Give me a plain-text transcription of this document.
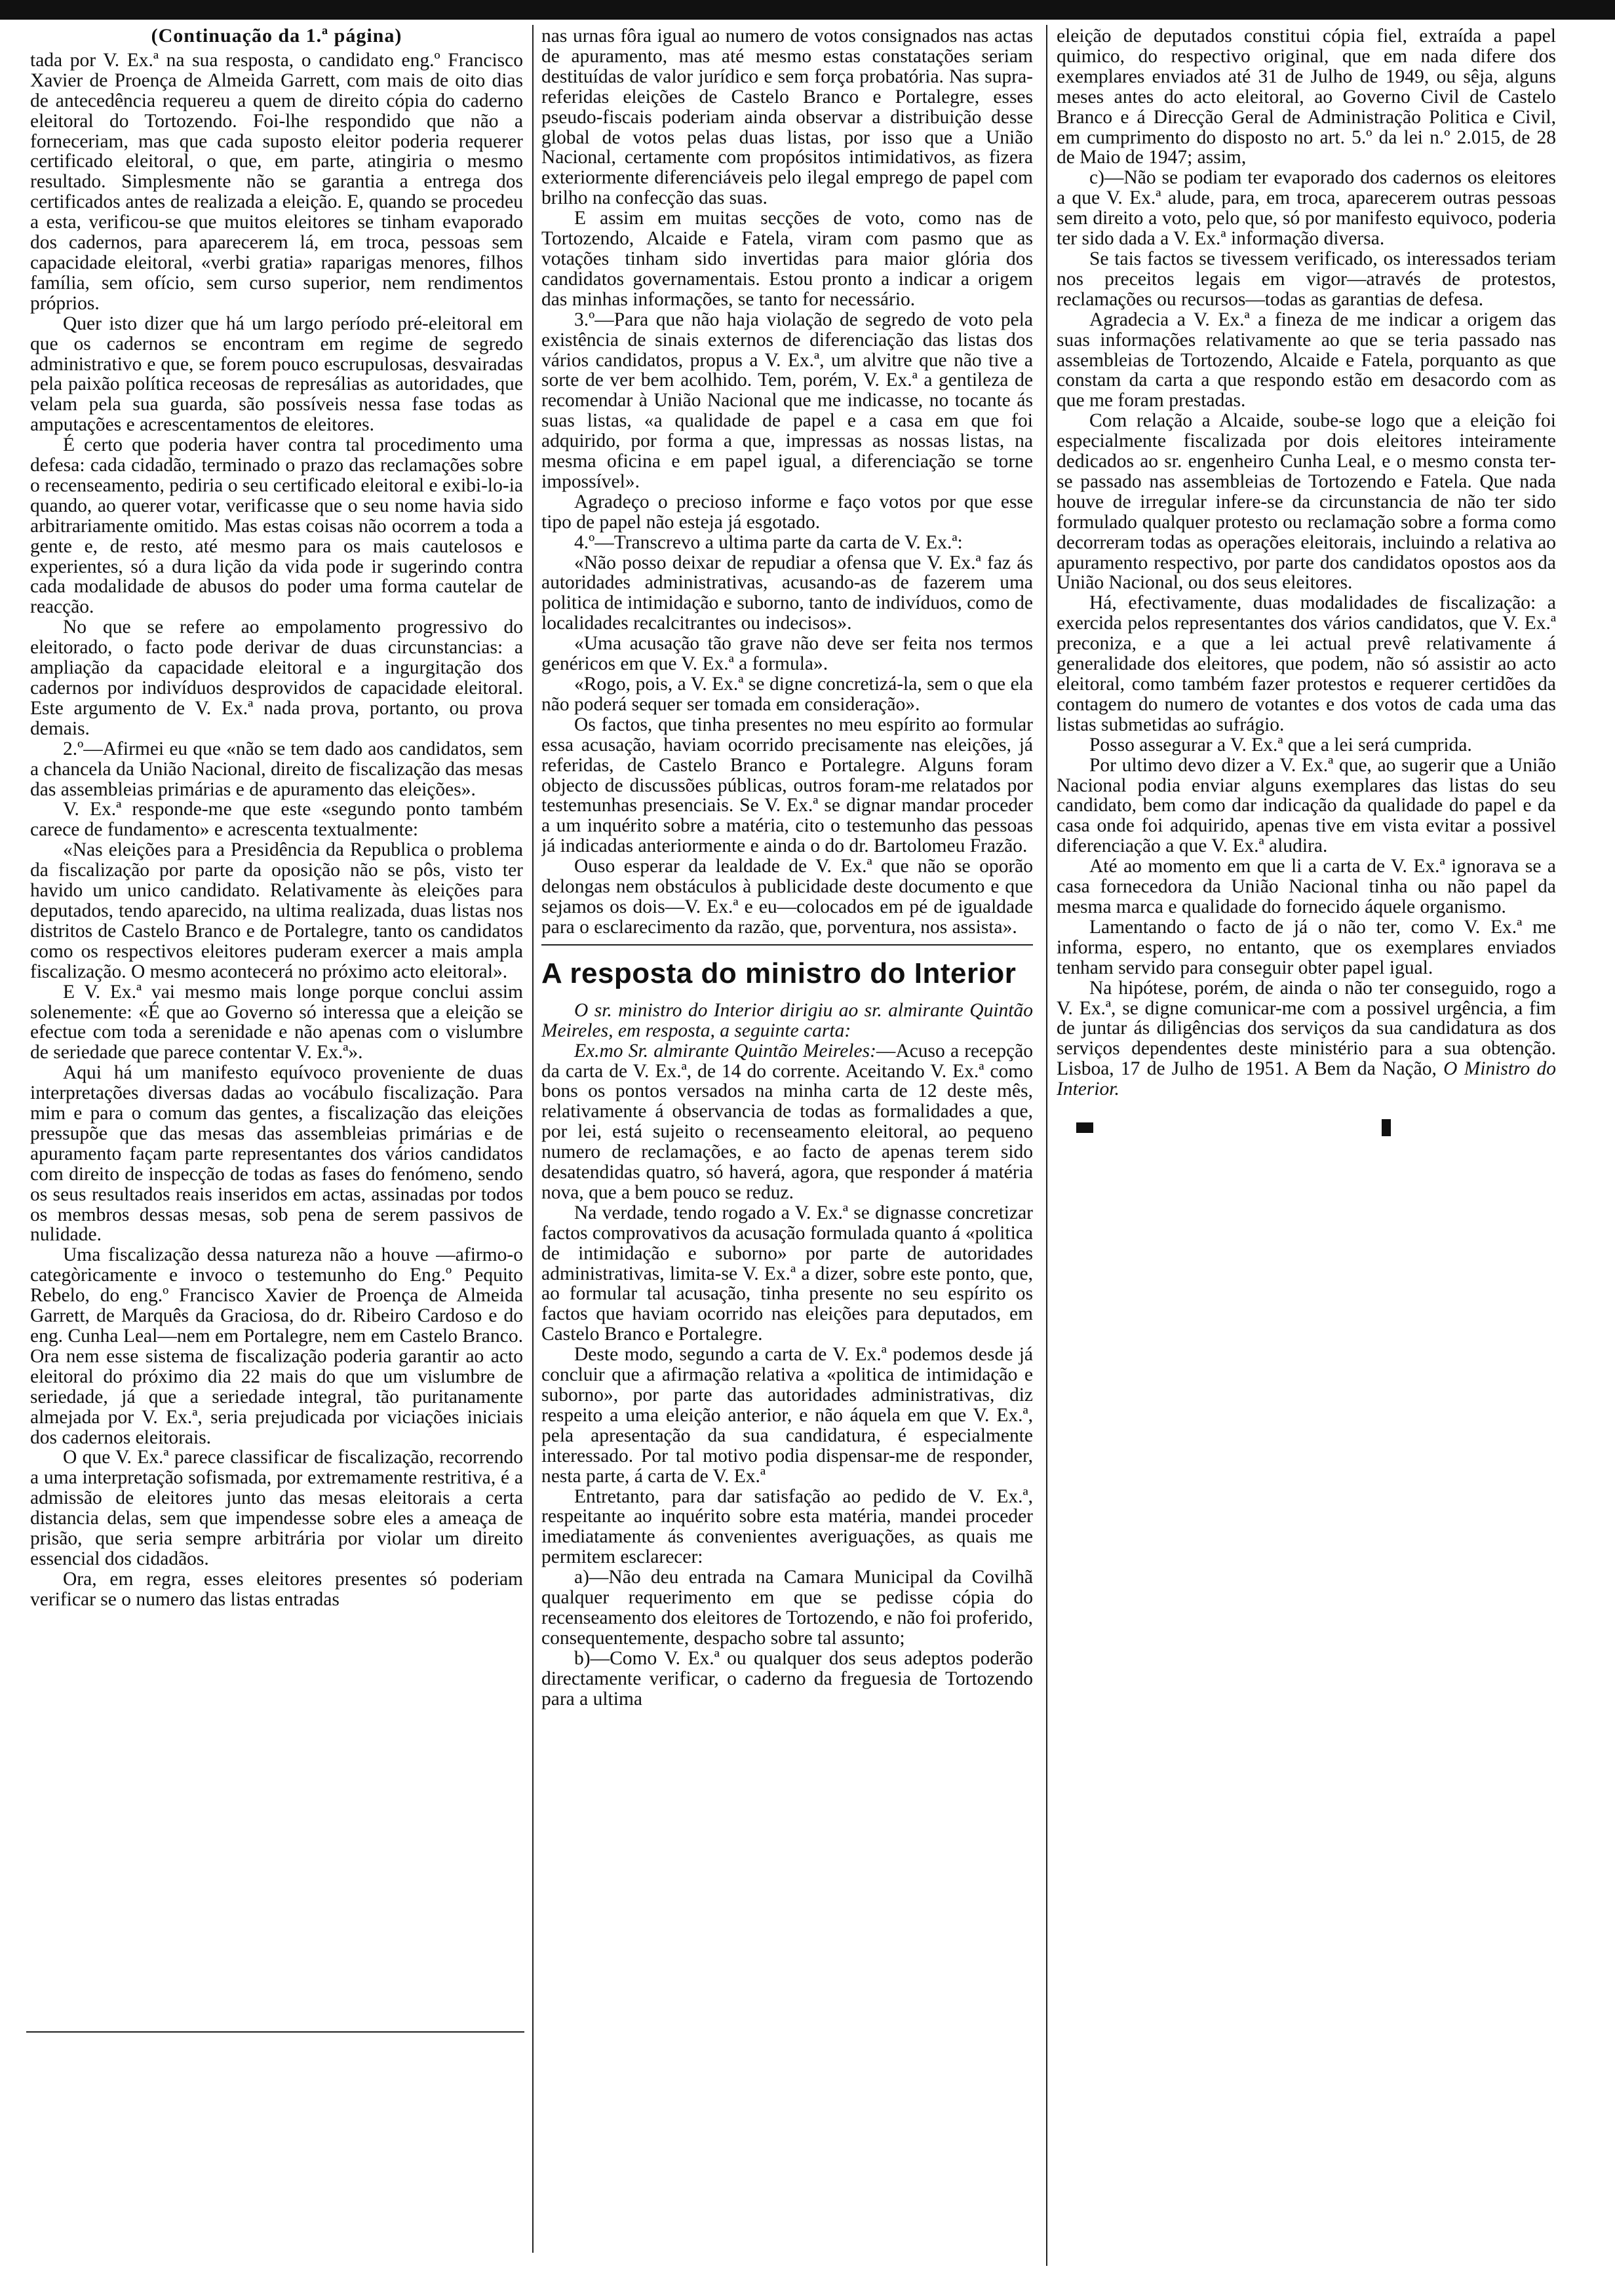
(Continuação da 1.ª página)

tada por V. Ex.ª na sua resposta, o candidato eng.º Francisco Xavier de Proença de Almeida Garrett, com mais de oito dias de antecedência requereu a quem de direito cópia do caderno eleitoral do Tortozendo. Foi-lhe respondido que não a forneceriam, mas que cada suposto eleitor poderia requerer certificado eleitoral, o que, em parte, atingiria o mesmo resultado. Simplesmente não se garantia a entrega dos certificados antes de realizada a eleição. E, quando se procedeu a esta, verificou-se que muitos eleitores se tinham evaporado dos cadernos, para aparecerem lá, em troca, pessoas sem capacidade eleitoral, «verbi gratia» raparigas menores, filhos família, sem ofício, sem curso superior, nem rendimentos próprios.

Quer isto dizer que há um largo período pré-eleitoral em que os cadernos se encontram em regime de segredo administrativo e que, se forem pouco escrupulosas, desvairadas pela paixão política receosas de represálias as autoridades, que velam pela sua guarda, são possíveis nessa fase todas as amputações e acrescentamentos de eleitores.

É certo que poderia haver contra tal procedimento uma defesa: cada cidadão, terminado o prazo das reclamações sobre o recenseamento, pediria o seu certificado eleitoral e exibi-lo-ia quando, ao querer votar, verificasse que o seu nome havia sido arbitrariamente omitido. Mas estas coisas não ocorrem a toda a gente e, de resto, até mesmo para os mais cautelosos e experientes, só a dura lição da vida pode ir sugerindo contra cada modalidade de abusos do poder uma forma cautelar de reacção.

No que se refere ao empolamento progressivo do eleitorado, o facto pode derivar de duas circunstancias: a ampliação da capacidade eleitoral e a ingurgitação dos cadernos por indivíduos desprovidos de capacidade eleitoral. Este argumento de V. Ex.ª nada prova, portanto, ou prova demais.

2.º—Afirmei eu que «não se tem dado aos candidatos, sem a chancela da União Nacional, direito de fiscalização das mesas das assembleias primárias e de apuramento das eleições».

V. Ex.ª responde-me que este «segundo ponto também carece de fundamento» e acrescenta textualmente:

«Nas eleições para a Presidência da Republica o problema da fiscalização por parte da oposição não se pôs, visto ter havido um unico candidato. Relativamente às eleições para deputados, tendo aparecido, na ultima realizada, duas listas nos distritos de Castelo Branco e de Portalegre, tanto os candidatos como os respectivos eleitores puderam exercer a mais ampla fiscalização. O mesmo acontecerá no próximo acto eleitoral».

E V. Ex.ª vai mesmo mais longe porque conclui assim solenemente: «É que ao Governo só interessa que a eleição se efectue com toda a serenidade e não apenas com o vislumbre de seriedade que parece contentar V. Ex.ª».

Aqui há um manifesto equívoco proveniente de duas interpretações diversas dadas ao vocábulo fiscalização. Para mim e para o comum das gentes, a fiscalização das eleições pressupõe que das mesas das assembleias primárias e de apuramento façam parte representantes dos vários candidatos com direito de inspecção de todas as fases do fenómeno, sendo os seus resultados reais inseridos em actas, assinadas por todos os membros dessas mesas, sob pena de serem passivos de nulidade.

Uma fiscalização dessa natureza não a houve —afirmo-o categòricamente e invoco o testemunho do Eng.º Pequito Rebelo, do eng.º Francisco Xavier de Proença de Almeida Garrett, de Marquês da Graciosa, do dr. Ribeiro Cardoso e do eng. Cunha Leal—nem em Portalegre, nem em Castelo Branco. Ora nem esse sistema de fiscalização poderia garantir ao acto eleitoral do próximo dia 22 mais do que um vislumbre de seriedade, já que a seriedade integral, tão puritanamente almejada por V. Ex.ª, seria prejudicada por viciações iniciais dos cadernos eleitorais.

O que V. Ex.ª parece classificar de fiscalização, recorrendo a uma interpretação sofismada, por extremamente restritiva, é a admissão de eleitores junto das mesas eleitorais a certa distancia delas, sem que impendesse sobre eles a ameaça de prisão, que seria sempre arbitrária por violar um direito essencial dos cidadãos.

Ora, em regra, esses eleitores presentes só poderiam verificar se o numero das listas entradas

nas urnas fôra igual ao numero de votos consignados nas actas de apuramento, mas até mesmo estas constatações seriam destituídas de valor jurídico e sem força probatória. Nas supra-referidas eleições de Castelo Branco e Portalegre, esses pseudo-fiscais poderiam ainda observar a distribuição desse global de votos pelas duas listas, por isso que a União Nacional, certamente com propósitos intimidativos, as fizera exteriormente diferenciáveis pelo ilegal emprego de papel com brilho na confecção das suas.

E assim em muitas secções de voto, como nas de Tortozendo, Alcaide e Fatela, viram com pasmo que as votações tinham sido invertidas para maior glória dos candidatos governamentais. Estou pronto a indicar a origem das minhas informações, se tanto for necessário.

3.º—Para que não haja violação de segredo de voto pela existência de sinais externos de diferenciação das listas dos vários candidatos, propus a V. Ex.ª, um alvitre que não tive a sorte de ver bem acolhido. Tem, porém, V. Ex.ª a gentileza de recomendar à União Nacional que me indicasse, no tocante ás suas listas, «a qualidade de papel e a casa em que foi adquirido, por forma a que, impressas as nossas listas, na mesma oficina e em papel igual, a diferenciação se torne impossível».

Agradeço o precioso informe e faço votos por que esse tipo de papel não esteja já esgotado.

4.º—Transcrevo a ultima parte da carta de V. Ex.ª:

«Não posso deixar de repudiar a ofensa que V. Ex.ª faz ás autoridades administrativas, acusando-as de fazerem uma politica de intimidação e suborno, tanto de indivíduos, como de localidades recalcitrantes ou indecisos».

«Uma acusação tão grave não deve ser feita nos termos genéricos em que V. Ex.ª a formula».

«Rogo, pois, a V. Ex.ª se digne concretizá-la, sem o que ela não poderá sequer ser tomada em consideração».

Os factos, que tinha presentes no meu espírito ao formular essa acusação, haviam ocorrido precisamente nas eleições, já referidas, de Castelo Branco e Portalegre. Alguns foram objecto de discussões públicas, outros foram-me relatados por testemunhas presenciais. Se V. Ex.ª se dignar mandar proceder a um inquérito sobre a matéria, cito o testemunho das pessoas já indicadas anteriormente e ainda o do dr. Bartolomeu Frazão.

Ouso esperar da lealdade de V. Ex.ª que não se oporão delongas nem obstáculos à publicidade deste documento e que sejamos os dois—V. Ex.ª e eu—colocados em pé de igualdade para o esclarecimento da razão, que, porventura, nos assista».

A resposta do ministro do Interior

O sr. ministro do Interior dirigiu ao sr. almirante Quintão Meireles, em resposta, a seguinte carta:

Ex.mo Sr. almirante Quintão Meireles:—Acuso a recepção da carta de V. Ex.ª, de 14 do corrente. Aceitando V. Ex.ª como bons os pontos versados na minha carta de 12 deste mês, relativamente á observancia de todas as formalidades a que, por lei, está sujeito o recenseamento eleitoral, ao pequeno numero de reclamações, e ao facto de apenas terem sido desatendidas quatro, só haverá, agora, que responder á matéria nova, que a bem pouco se reduz.

Na verdade, tendo rogado a V. Ex.ª se dignasse concretizar factos comprovativos da acusação formulada quanto á «politica de intimidação e suborno» por parte de autoridades administrativas, limita-se V. Ex.ª a dizer, sobre este ponto, que, ao formular tal acusação, tinha presente no seu espírito os factos que haviam ocorrido nas eleições para deputados, em Castelo Branco e Portalegre.

Deste modo, segundo a carta de V. Ex.ª podemos desde já concluir que a afirmação relativa a «politica de intimidação e suborno», por parte das autoridades administrativas, diz respeito a uma eleição anterior, e não áquela em que V. Ex.ª, pela apresentação da sua candidatura, é especialmente interessado. Por tal motivo podia dispensar-me de responder, nesta parte, á carta de V. Ex.ª

Entretanto, para dar satisfação ao pedido de V. Ex.ª, respeitante ao inquérito sobre esta matéria, mandei proceder imediatamente ás convenientes averiguações, as quais me permitem esclarecer:

a)—Não deu entrada na Camara Municipal da Covilhã qualquer requerimento em que se pedisse cópia do recenseamento dos eleitores de Tortozendo, e não foi proferido, consequentemente, despacho sobre tal assunto;

b)—Como V. Ex.ª ou qualquer dos seus adeptos poderão directamente verificar, o caderno da freguesia de Tortozendo para a ultima

eleição de deputados constitui cópia fiel, extraída a papel quimico, do respectivo original, que em nada difere dos exemplares enviados até 31 de Julho de 1949, ou sêja, alguns meses antes do acto eleitoral, ao Governo Civil de Castelo Branco e á Direcção Geral de Administração Politica e Civil, em cumprimento do disposto no art. 5.º da lei n.º 2.015, de 28 de Maio de 1947; assim,

c)—Não se podiam ter evaporado dos cadernos os eleitores a que V. Ex.ª alude, para, em troca, aparecerem outras pessoas sem direito a voto, pelo que, só por manifesto equivoco, poderia ter sido dada a V. Ex.ª informação diversa.

Se tais factos se tivessem verificado, os interessados teriam nos preceitos legais em vigor—através de protestos, reclamações ou recursos—todas as garantias de defesa.

Agradecia a V. Ex.ª a fineza de me indicar a origem das suas informações relativamente ao que se teria passado nas assembleias de Tortozendo, Alcaide e Fatela, porquanto as que constam da carta a que respondo estão em desacordo com as que me foram prestadas.

Com relação a Alcaide, soube-se logo que a eleição foi especialmente fiscalizada por dois eleitores inteiramente dedicados ao sr. engenheiro Cunha Leal, e o mesmo consta ter-se passado nas assembleias de Tortozendo e Fatela. Que nada houve de irregular infere-se da circunstancia de não ter sido formulado qualquer protesto ou reclamação sobre a forma como decorreram todas as operações eleitorais, incluindo a relativa ao apuramento respectivo, por parte dos candidatos opostos aos da União Nacional, ou dos seus eleitores.

Há, efectivamente, duas modalidades de fiscalização: a exercida pelos representantes dos vários candidatos, que V. Ex.ª preconiza, e a que a lei actual prevê relativamente á generalidade dos eleitores, que podem, não só assistir ao acto eleitoral, como também fazer protestos e requerer certidões da contagem do numero de votantes e dos votos de cada uma das listas submetidas ao sufrágio.

Posso assegurar a V. Ex.ª que a lei será cumprida.

Por ultimo devo dizer a V. Ex.ª que, ao sugerir que a União Nacional podia enviar alguns exemplares das listas do seu candidato, bem como dar indicação da qualidade do papel e da casa onde foi adquirido, apenas tive em vista evitar a possivel diferenciação a que V. Ex.ª aludira.

Até ao momento em que li a carta de V. Ex.ª ignorava se a casa fornecedora da União Nacional tinha ou não papel da mesma marca e qualidade do fornecido áquele organismo.

Lamentando o facto de já o não ter, como V. Ex.ª me informa, espero, no entanto, que os exemplares enviados tenham servido para conseguir obter papel igual.

Na hipótese, porém, de ainda o não ter conseguido, rogo a V. Ex.ª, se digne comunicar-me com a possivel urgência, a fim de juntar ás diligências dos serviços da sua candidatura as dos serviços dependentes deste ministério para a sua obtenção. Lisboa, 17 de Julho de 1951. A Bem da Nação, O Ministro do Interior.
